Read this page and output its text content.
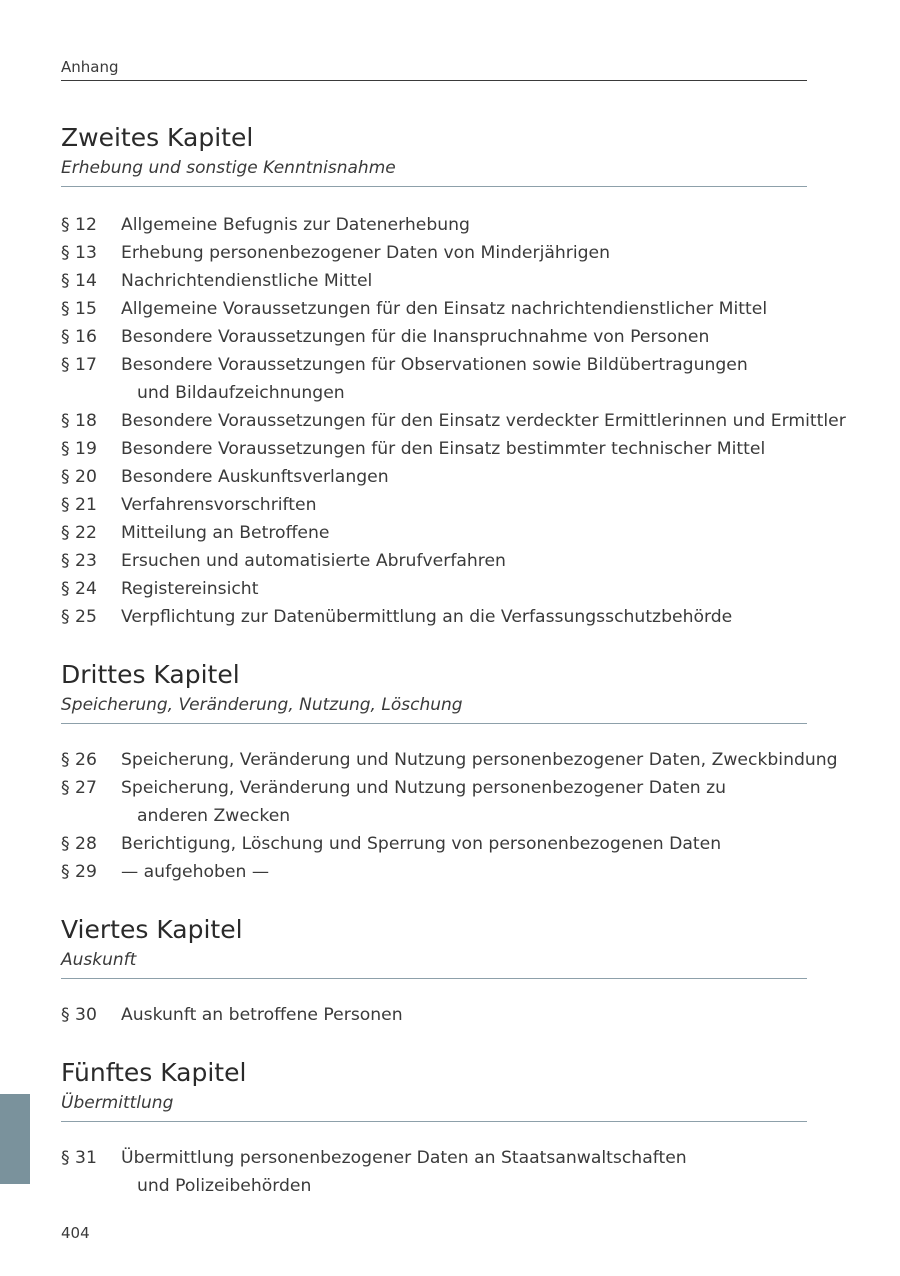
Anhang
Zweites Kapitel

Erhebung und sonstige Kenntnisnahme

§ 12	Allgemeine Befugnis zur Datenerhebung
§ 13	Erhebung personenbezogener Daten von Minderjährigen
§ 14	Nachrichtendienstliche Mittel
§ 15	Allgemeine Voraussetzungen für den Einsatz nachrichtendienstlicher Mittel
§ 16	Besondere Voraussetzungen für die Inanspruchnahme von Personen
§ 17	Besondere Voraussetzungen für Observationen sowie Bildübertragungen
und Bildaufzeichnungen
§ 18	Besondere Voraussetzungen für den Einsatz verdeckter Ermittlerinnen und Ermittler
§ 19	Besondere Voraussetzungen für den Einsatz bestimmter technischer Mittel
§ 20	Besondere Auskunftsverlangen
§ 21	Verfahrensvorschriften
§ 22	Mitteilung an Betroffene
§ 23	Ersuchen und automatisierte Abrufverfahren
§ 24	Registereinsicht
§ 25	Verpflichtung zur Datenübermittlung an die Verfassungsschutzbehörde
Drittes Kapitel

Speicherung, Veränderung, Nutzung, Löschung

§ 26	Speicherung, Veränderung und Nutzung personenbezogener Daten, Zweckbindung
§ 27	Speicherung, Veränderung und Nutzung personenbezogener Daten zu
anderen Zwecken
§ 28	Berichtigung, Löschung und Sperrung von personenbezogenen Daten
§ 29	— aufgehoben —
Viertes Kapitel

Auskunft

§ 30	Auskunft an betroffene Personen
Fünftes Kapitel

Übermittlung

§ 31	Übermittlung personenbezogener Daten an Staatsanwaltschaften
und Polizeibehörden
404
